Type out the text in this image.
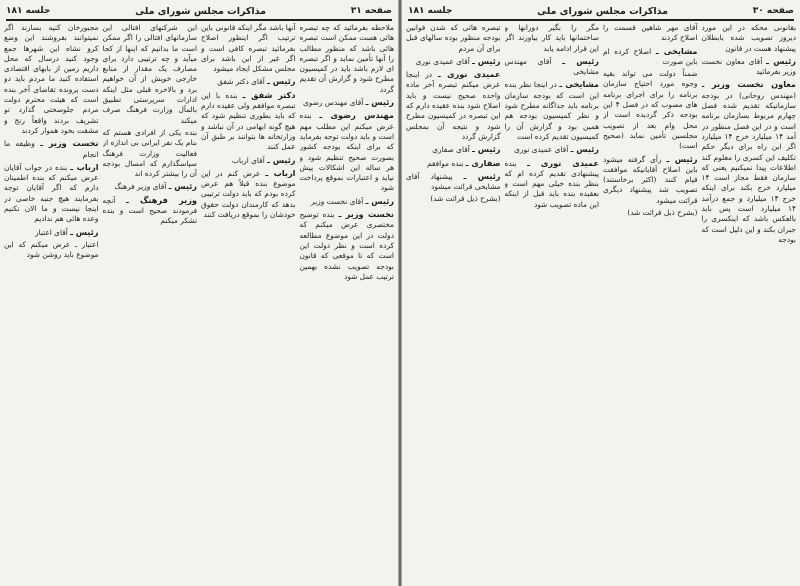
صفحه ۳۰
مذاکرات مجلس شورای ملی
جلسه ۱۸۱

بقانونی محکه در این مورد دیروز تصویب شده بابطلان پیشنهاد هست در قانون

رئیس ـ آقای معاون نخست وزیر بفرمائید

معاون نخست وزیر ـ (مهندس روحانی) در بودجه سازمانیکه تقدیم شده فصل چهارم مربوط بسازمان برنامه است و در این فصل منظور در آمد ۱۴ میلیارد خرج ۱۴ میلیارد اگر این راه برای دیگر حکم تکلیف این کسری را معلوم کند اطلاعات پیدا نمیکنیم یعنی که سازمان فقط مجاز است ۱۴ میلیارد خرج بکند برای اینکه خرج ۱۴ میلیارد و جمع درآمد ۱۴ میلیارد است پس باید بالعکس باشد که اینکسری را جبران بکند و این دلیل است که بودجه

آقای مهر شاهین قسمت را اصلاح کردند

مشایخی ـ اصلاح کرده ام باین صورت

ضمناً دولت می تواند بقیه وجوه مورد احتیاج سازمان برنامه را برای اجرای برنامه های مصوب که در فصل ۴ این بودجه ذکر گردیده است از محل وام بعد از تصویب مجلسین تأمین نماید (صحیح است)

رئیس ـ رأی گرفته میشود باین اصلاح آقایانیکه موافقت قیام کنند (اکثر برخاستند) تصویب شد پیشنهاد دیگری قرائت میشود

(بشرح ذیل قرائت شد)

مگر را بگیر دورانها و ساختمانها باید کار بیاورند اگر این قرار ادامه یابد

رئیس ـ آقای مهندس مشایخی

مشایخی ـ در اینجا نظر بنده این است که بودجه سازمان برنامه باید جداگانه مطرح شود و نظر کمیسیون بودجه هم همین بود و گزارش آن را کمیسیون تقدیم کرده است

رئیس ـ آقای عمیدی نوری

عمیدی نوری ـ بنده پیشنهادی تقدیم کرده ام که بنظر بنده خیلی مهم است و بعقیده بنده باید قبل از اینکه این ماده تصویب شود

تبصره هائی که شدن قوانین بودجه منظور بوده سالهای قبل برای آن مردم

رئیس ـ آقای عمیدی نوری

عمیدی نوری ـ در اینجا عرض میکنم تبصره آخر ماده واحده صحیح نیست و باید اصلاح شود بنده عقیده دارم که این تبصره در کمیسیون مطرح شود و نتیجه آن بمجلس گزارش گردد

رئیس ـ آقای صفاری

صفاری ـ بنده موافقم

رئیس ـ پیشنهاد آقای مشایخی قرائت میشود

(بشرح ذیل قرائت شد)

صفحه ۳۱
مذاکرات مجلس شورای ملی
جلسه ۱۸۱

ملاحظه بفرمائید که چه تبصره هائی هست ممکن است تبصره هائی باشد که منظور مطالب را آنها تأمین نماید و اگر تبصره ای لازم باشد باید در کمیسیون مطرح شود و گزارش آن تقدیم گردد

رئیس ـ آقای مهندس رضوی

مهندس رضوی ـ بنده عرض میکنم این مطلب مهم است و باید دولت توجه بفرماید که برای اینکه بودجه کشور بصورت صحیح تنظیم شود و هر ساله این اشکالات پیش نیاید و اعتبارات بموقع پرداخت شود

رئیس ـ آقای نخست وزیر

نخست وزیر ـ بنده توضیح مختصری عرض میکنم که دولت در این موضوع مطالعه کرده است و نظر دولت این است که تا موقعی که قانون بودجه تصویب نشده بهمین ترتیب عمل شود

آنها باشد مگر اینکه قانونی باین ترتیب اگر اینطور اصلاح بفرمائید تبصره کافی است و اگر غیر از این باشد برای مجلس مشکل ایجاد میشود

رئیس ـ آقای دکتر شفق

دکتر شفق ـ بنده با این تبصره موافقم ولی عقیده دارم که باید بطوری تنظیم شود که هیچ گونه ابهامی در آن نباشد و وزارتخانه ها بتوانند بر طبق آن عمل کنند

رئیس ـ آقای ارباب

ارباب ـ عرض کنم در این موضوع بنده قبلاً هم عرض کرده بودم که باید دولت ترتیبی بدهد که کارمندان دولت حقوق خودشان را بموقع دریافت کنند

این شرکتهای افتالی این سازمانهای افتالی را اگر ممکن است ما بدانیم که اینها از کجا میآید و چه ترتیبی دارد برای مصارف یک مقدار از منابع خارجی خویش از آن خواهیم برد و بالاخره قبلی مثل اینکه ادارات سرپرستی تطبیق بالمآل وزارت فرهنگ صرف میکند

بنده یکی از افرادی هستم که بنام یک نفر ایرانی بی اندازه از فعالیت وزارت فرهنگ سپاسگذارم که امسال بودجه آن را بیشتر کرده اند

رئیس ـ آقای وزیر فرهنگ

وزیر فرهنگ ـ آنچه فرمودند صحیح است و بنده تشکر میکنم

مجبورخان کنیه بسازند اگر نمیتوانند بفروشند این وضع کرو نشاه این شهرها جمع وجود کنید درسال که محل داریم زمین از بابهای اقتصادی استفاده کنید ما مردم باید دو دست پرونده تقاضای آخر بنده است که هیئت محترم دولت مردم جلوسختی گذارد تو تشریف بردند واقعاً رنج و مشقت بخود هموار کردند

نخست وزیر ـ وظیفه ما انجام

ارباب ـ بنده در جواب آقایان عرض میکنم که بنده اطمینان دارم که اگر آقایان توجه بفرمایند هیچ جنبه خاصی در اینجا نیست و ما الان نکنیم وعده هائی هم ندادیم

رئیس ـ آقای اعتبار

اعتبار ـ عرض میکنم که این موضوع باید روشن شود
